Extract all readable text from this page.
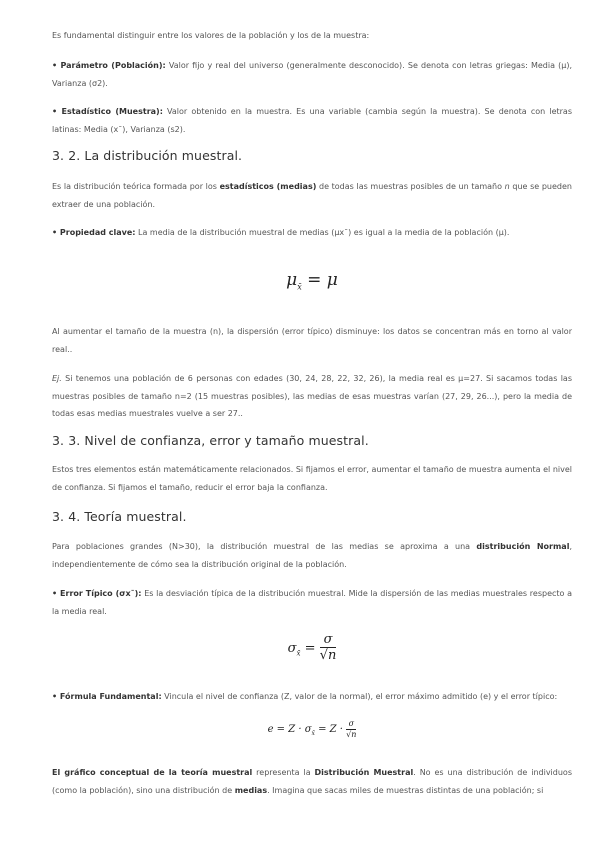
Es fundamental distinguir entre los valores de la población y los de la muestra:

• Parámetro (Población): Valor fijo y real del universo (generalmente desconocido). Se denota con letras griegas: Media (μ), Varianza (σ2).

• Estadístico (Muestra): Valor obtenido en la muestra. Es una variable (cambia según la muestra). Se denota con letras latinas: Media (x¯), Varianza (s2).

3. 2. La distribución muestral.

Es la distribución teórica formada por los estadísticos (medias) de todas las muestras posibles de un tamaño n que se pueden extraer de una población.

• Propiedad clave: La media de la distribución muestral de medias (μx¯) es igual a la media de la población (μ).

$\mu_{x̄} = \mu$

Al aumentar el tamaño de la muestra (n), la dispersión (error típico) disminuye: los datos se concentran más en torno al valor real..

Ej. Si tenemos una población de 6 personas con edades (30, 24, 28, 22, 32, 26), la media real es μ=27. Si sacamos todas las muestras posibles de tamaño n=2 (15 muestras posibles), las medias de esas muestras varían (27, 29, 26...), pero la media de todas esas medias muestrales vuelve a ser 27..

3. 3. Nivel de confianza, error y tamaño muestral.

Estos tres elementos están matemáticamente relacionados. Si fijamos el error, aumentar el tamaño de muestra aumenta el nivel de confianza. Si fijamos el tamaño, reducir el error baja la confianza.

3. 4. Teoría muestral.

Para poblaciones grandes (N>30), la distribución muestral de las medias se aproxima a una distribución Normal, independientemente de cómo sea la distribución original de la población.

• Error Típico (σx¯): Es la desviación típica de la distribución muestral. Mide la dispersión de las medias muestrales respecto a la media real.

$\sigma_{x̄} = \frac{\sigma}{√n}$

• Fórmula Fundamental: Vincula el nivel de confianza (Z, valor de la normal), el error máximo admitido (e) y el error típico:

$e = Z \cdot \sigma_{x̄} = Z \cdot \frac{\sigma}{√n}$

El gráfico conceptual de la teoría muestral representa la Distribución Muestral. No es una distribución de individuos (como la población), sino una distribución de medias. Imagina que sacas miles de muestras distintas de una población; si
